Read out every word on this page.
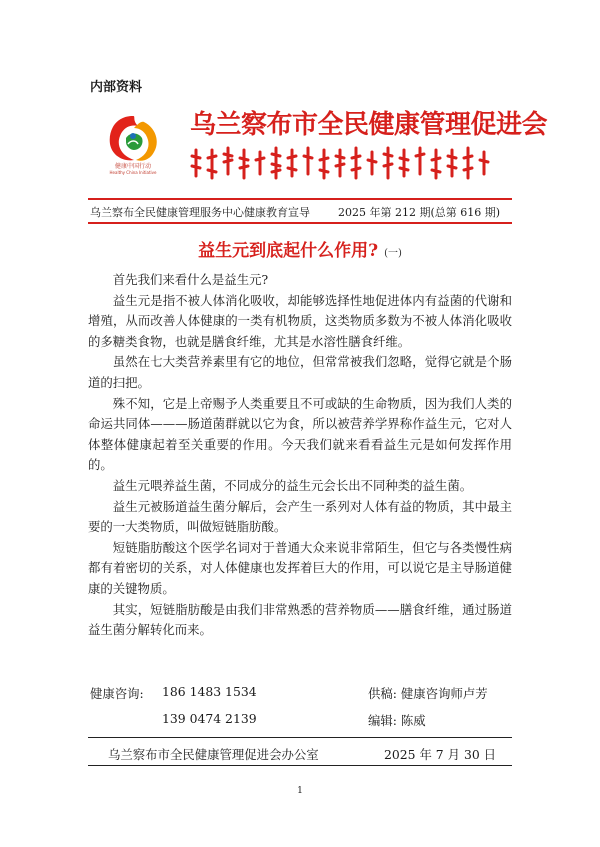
内部资料
健康中国行动
Healthy China Initiative
乌兰察布市全民健康管理促进会
乌兰察布全民健康管理服务中心健康教育宣导	2025 年第 212 期(总第 616 期)
益生元到底起什么作用? (一)

首先我们来看什么是益生元?

益生元是指不被人体消化吸收，却能够选择性地促进体内有益菌的代谢和增殖，从而改善人体健康的一类有机物质，这类物质多数为不被人体消化吸收的多糖类食物，也就是膳食纤维，尤其是水溶性膳食纤维。

虽然在七大类营养素里有它的地位，但常常被我们忽略，觉得它就是个肠道的扫把。

殊不知，它是上帝赐予人类重要且不可或缺的生命物质，因为我们人类的命运共同体———肠道菌群就以它为食，所以被营养学界称作益生元，它对人体整体健康起着至关重要的作用。今天我们就来看看益生元是如何发挥作用的。

益生元喂养益生菌，不同成分的益生元会长出不同种类的益生菌。

益生元被肠道益生菌分解后，会产生一系列对人体有益的物质，其中最主要的一大类物质，叫做短链脂肪酸。

短链脂肪酸这个医学名词对于普通大众来说非常陌生，但它与各类慢性病都有着密切的关系，对人体健康也发挥着巨大的作用，可以说它是主导肠道健康的关键物质。

其实，短链脂肪酸是由我们非常熟悉的营养物质——膳食纤维，通过肠道益生菌分解转化而来。

健康咨询: 186 1483 1534
139 0474 2139
供稿: 健康咨询师卢芳
编辑: 陈威
乌兰察布市全民健康管理促进会办公室	2025 年 7 月 30 日
1
